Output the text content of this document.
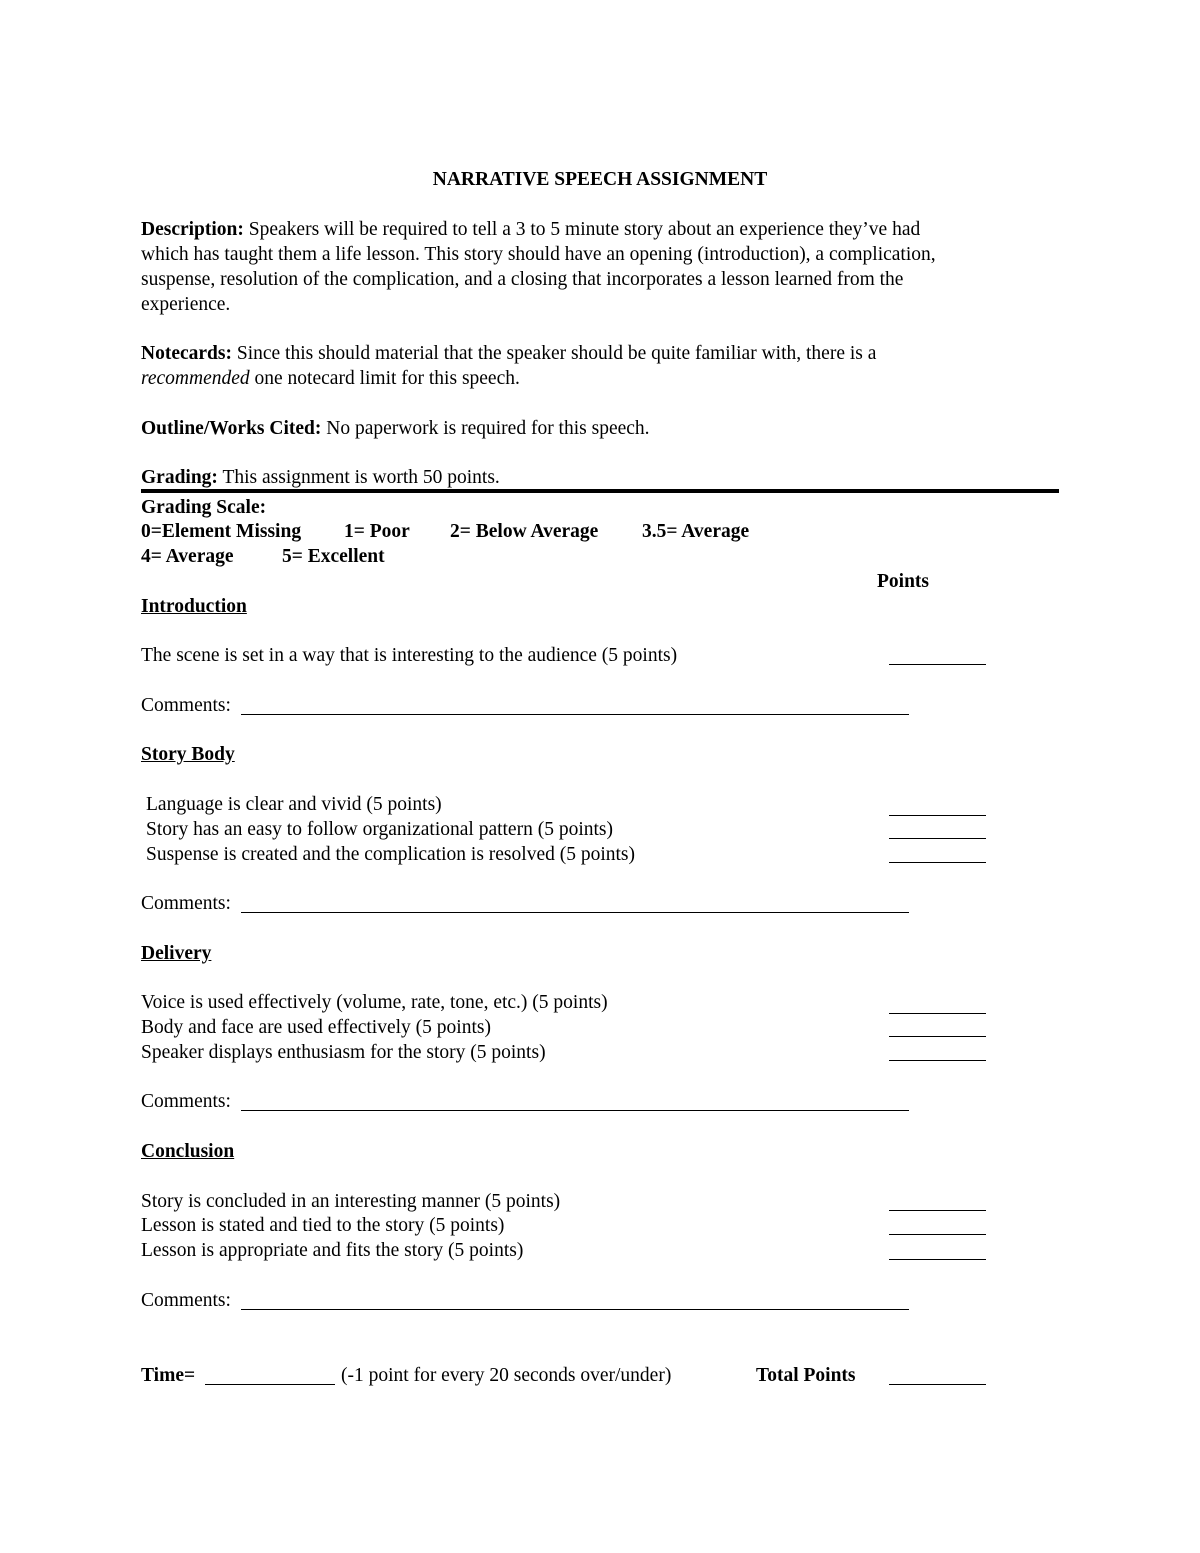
NARRATIVE SPEECH ASSIGNMENT
Description: Speakers will be required to tell a 3 to 5 minute story about an experience they’ve had
which has taught them a life lesson. This story should have an opening (introduction), a complication,
suspense, resolution of the complication, and a closing that incorporates a lesson learned from the
experience.
Notecards: Since this should material that the speaker should be quite familiar with, there is a
recommended one notecard limit for this speech.
Outline/Works Cited: No paperwork is required for this speech.
Grading: This assignment is worth 50 points.
Grading Scale:
0=Element Missing 1= Poor 2= Below Average 3.5= Average
4= Average 5= Excellent
Points
Introduction
The scene is set in a way that is interesting to the audience (5 points)
Comments:
Story Body
Language is clear and vivid (5 points)
Story has an easy to follow organizational pattern (5 points)
Suspense is created and the complication is resolved (5 points)
Comments:
Delivery
Voice is used effectively (volume, rate, tone, etc.) (5 points)
Body and face are used effectively (5 points)
Speaker displays enthusiasm for the story (5 points)
Comments:
Conclusion
Story is concluded in an interesting manner (5 points)
Lesson is stated and tied to the story (5 points)
Lesson is appropriate and fits the story (5 points)
Comments:
Time=	(-1 point for every 20 seconds over/under)	Total Points
